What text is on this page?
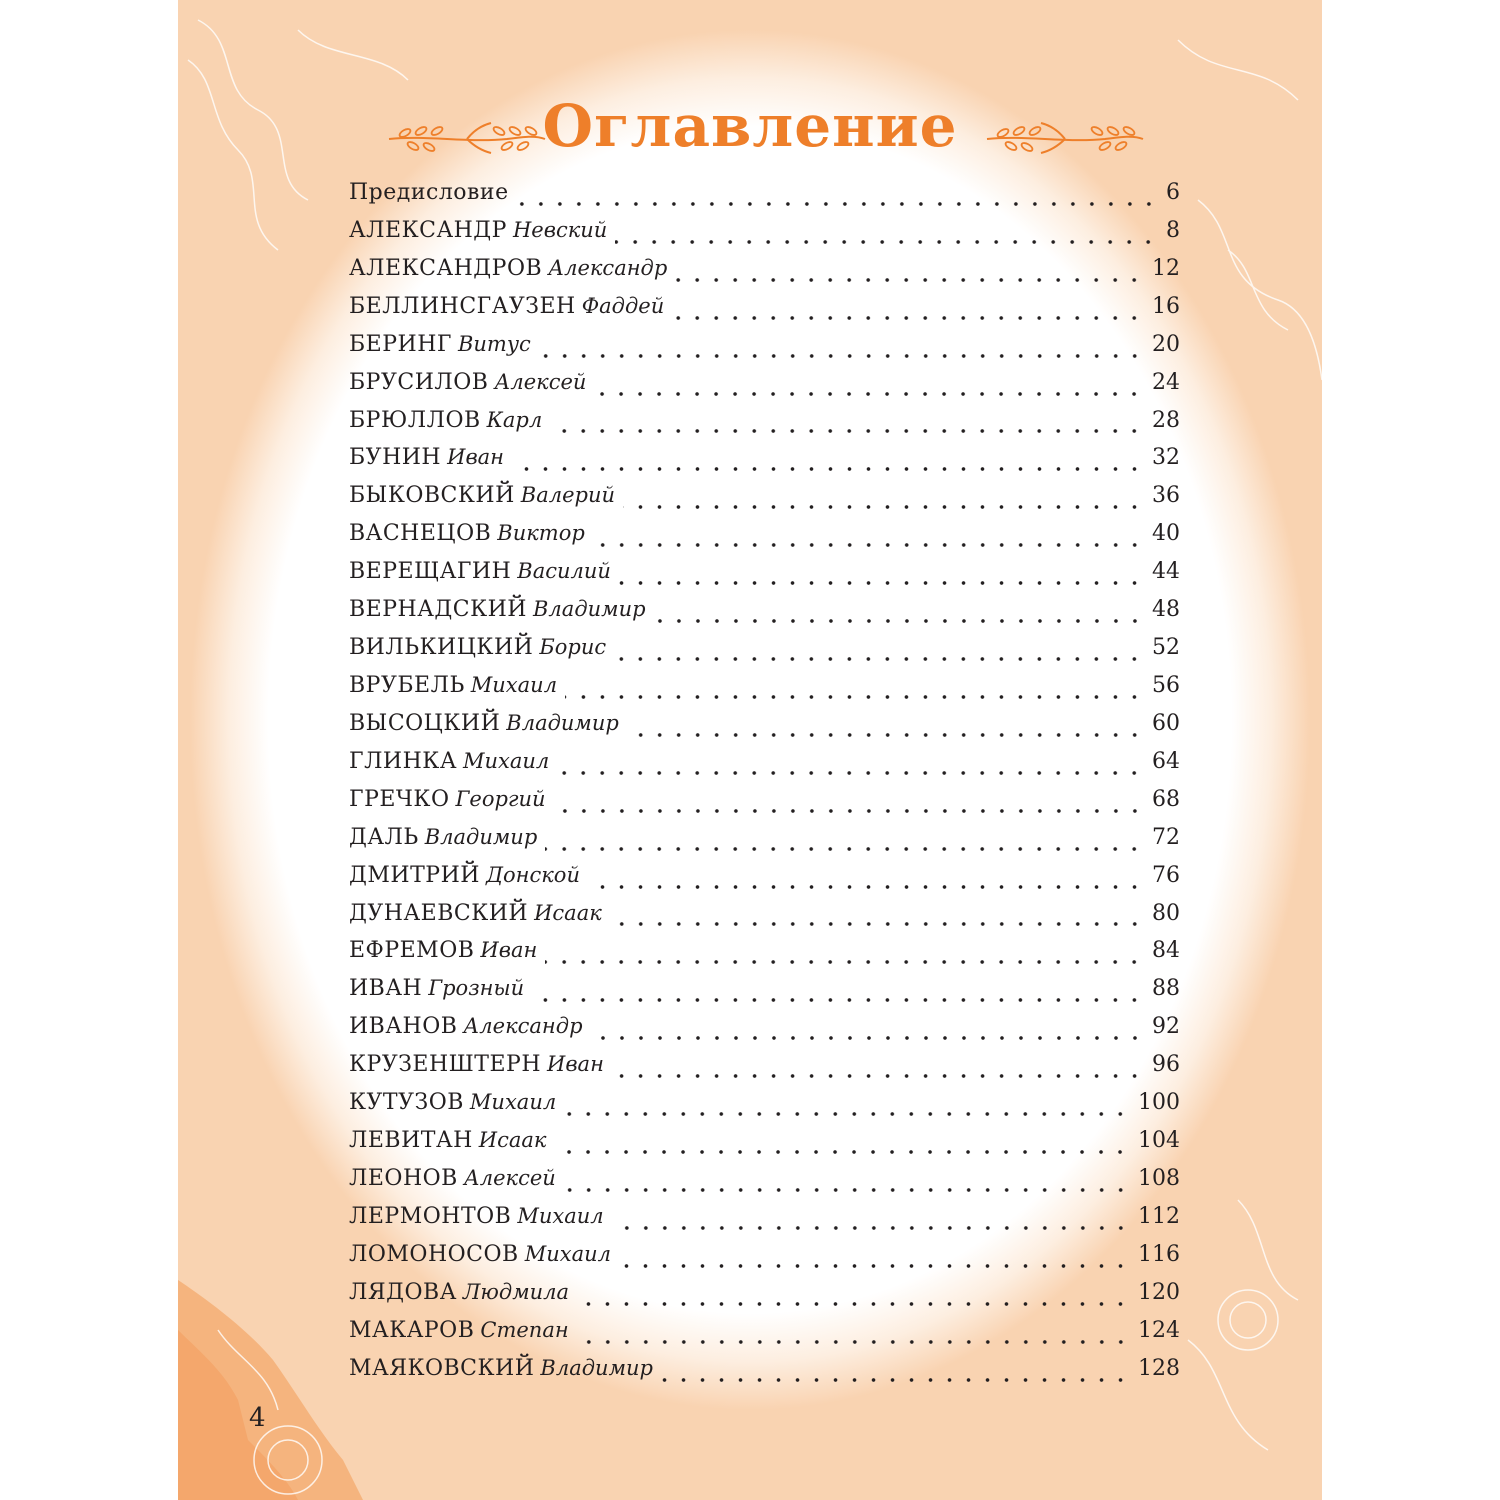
Оглавление
Предисловие	6
АЛЕКСАНДР Невский	8
АЛЕКСАНДРОВ Александр	12
БЕЛЛИНСГАУЗЕН Фаддей	16
БЕРИНГ Витус	20
БРУСИЛОВ Алексей	24
БРЮЛЛОВ Карл	28
БУНИН Иван	32
БЫКОВСКИЙ Валерий	36
ВАСНЕЦОВ Виктор	40
ВЕРЕЩАГИН Василий	44
ВЕРНАДСКИЙ Владимир	48
ВИЛЬКИЦКИЙ Борис	52
ВРУБЕЛЬ Михаил	56
ВЫСОЦКИЙ Владимир	60
ГЛИНКА Михаил	64
ГРЕЧКО Георгий	68
ДАЛЬ Владимир	72
ДМИТРИЙ Донской	76
ДУНАЕВСКИЙ Исаак	80
ЕФРЕМОВ Иван	84
ИВАН Грозный	88
ИВАНОВ Александр	92
КРУЗЕНШТЕРН Иван	96
КУТУЗОВ Михаил	100
ЛЕВИТАН Исаак	104
ЛЕОНОВ Алексей	108
ЛЕРМОНТОВ Михаил	112
ЛОМОНОСОВ Михаил	116
ЛЯДОВА Людмила	120
МАКАРОВ Степан	124
МАЯКОВСКИЙ Владимир	128
4
